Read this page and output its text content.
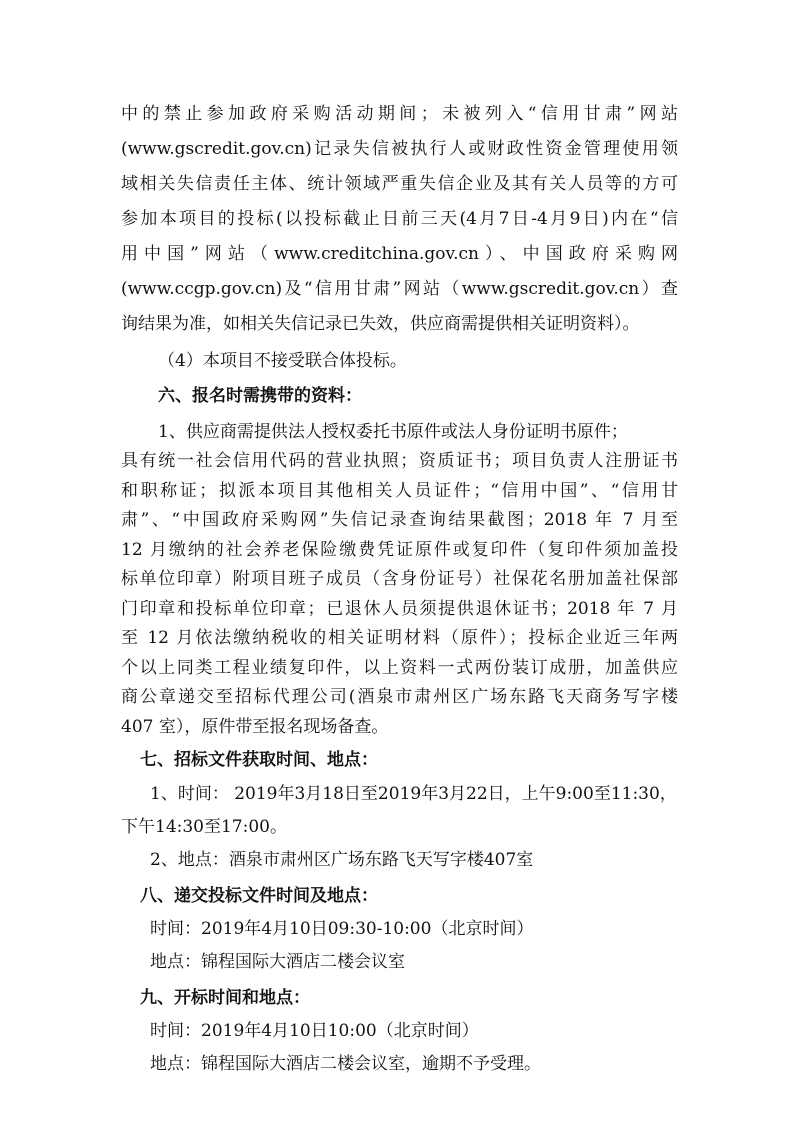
中的禁止参加政府采购活动期间；未被列入“信用甘肃”网站
(www.gscredit.gov.cn)记录失信被执行人或财政性资金管理使用领
域相关失信责任主体、统计领域严重失信企业及其有关人员等的方可
参加本项目的投标(以投标截止日前三天(4月7日-4月9日)内在“信
用中国”网站（www.creditchina.gov.cn）、中国政府采购网
(www.ccgp.gov.cn)及“信用甘肃”网站（www.gscredit.gov.cn）查
询结果为准，如相关失信记录已失效，供应商需提供相关证明资料）。
（4）本项目不接受联合体投标。
六、报名时需携带的资料：
1、供应商需提供法人授权委托书原件或法人身份证明书原件；
具有统一社会信用代码的营业执照；资质证书；项目负责人注册证书
和职称证；拟派本项目其他相关人员证件；“信用中国”、“信用甘
肃”、“中国政府采购网”失信记录查询结果截图；2018 年 7 月至
12 月缴纳的社会养老保险缴费凭证原件或复印件（复印件须加盖投
标单位印章）附项目班子成员（含身份证号）社保花名册加盖社保部
门印章和投标单位印章；已退休人员须提供退休证书；2018 年 7 月
至 12 月依法缴纳税收的相关证明材料（原件）；投标企业近三年两
个以上同类工程业绩复印件，以上资料一式两份装订成册，加盖供应
商公章递交至招标代理公司(酒泉市肃州区广场东路飞天商务写字楼
407 室），原件带至报名现场备查。
七、招标文件获取时间、地点：
1、时间： 2019年3月18日至2019年3月22日，上午9:00至11:30，
下午14:30至17:00。
2、地点：酒泉市肃州区广场东路飞天写字楼407室
八、递交投标文件时间及地点：
时间：2019年4月10日09:30-10:00（北京时间）
地点：锦程国际大酒店二楼会议室
九、开标时间和地点：
时间：2019年4月10日10:00（北京时间）
地点：锦程国际大酒店二楼会议室，逾期不予受理。
